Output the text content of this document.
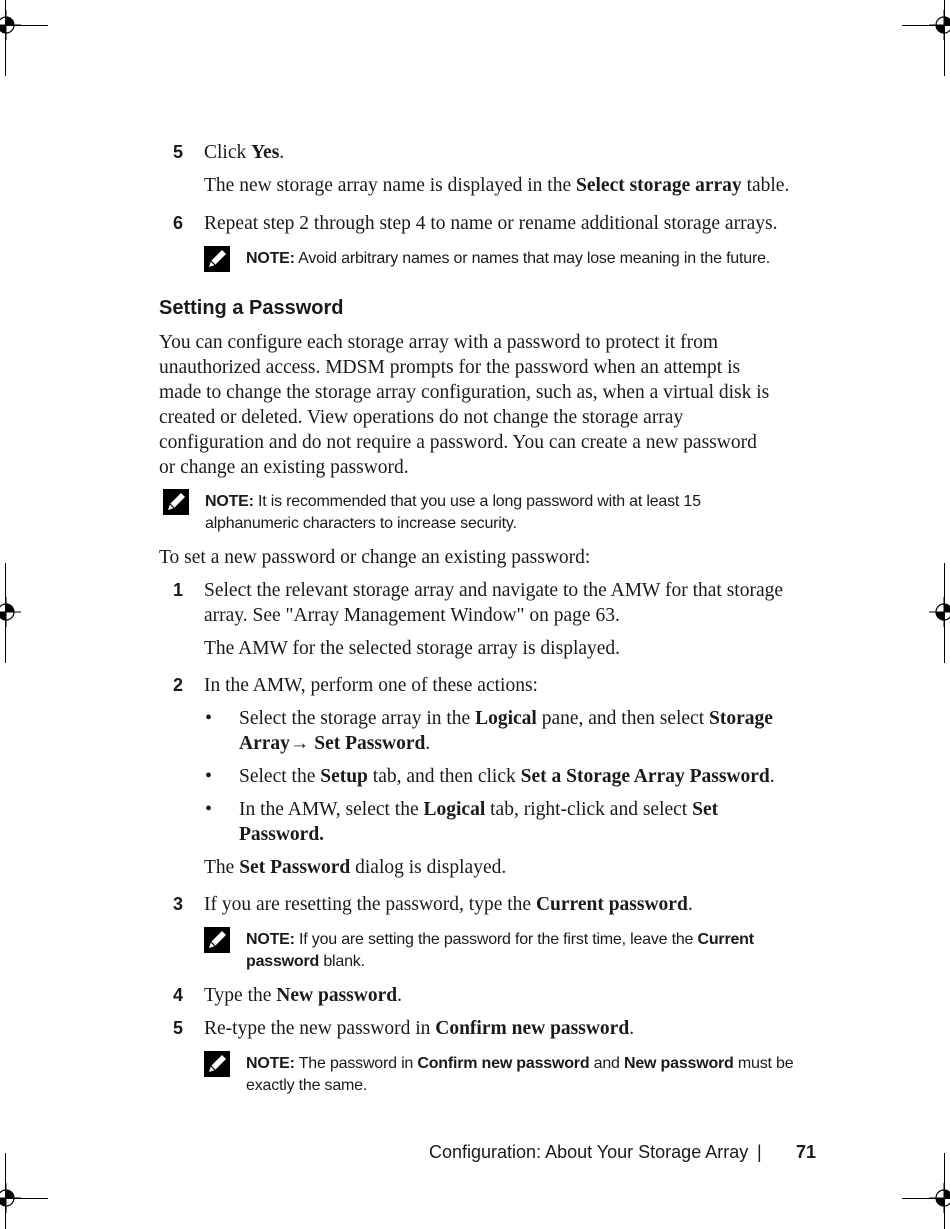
5 Click Yes.
The new storage array name is displayed in the Select storage array table.
6 Repeat step 2 through step 4 to name or rename additional storage arrays.
NOTE: Avoid arbitrary names or names that may lose meaning in the future.
Setting a Password
You can configure each storage array with a password to protect it from
unauthorized access. MDSM prompts for the password when an attempt is
made to change the storage array configuration, such as, when a virtual disk is
created or deleted. View operations do not change the storage array
configuration and do not require a password. You can create a new password
or change an existing password.
NOTE: It is recommended that you use a long password with at least 15
alphanumeric characters to increase security.
To set a new password or change an existing password:
1 Select the relevant storage array and navigate to the AMW for that storage
array. See "Array Management Window" on page 63.
The AMW for the selected storage array is displayed.
2 In the AMW, perform one of these actions:
• Select the storage array in the Logical pane, and then select Storage
Array→ Set Password.
• Select the Setup tab, and then click Set a Storage Array Password.
• In the AMW, select the Logical tab, right-click and select Set
Password.
The Set Password dialog is displayed.
3 If you are resetting the password, type the Current password.
NOTE: If you are setting the password for the first time, leave the Current
password blank.
4 Type the New password.
5 Re-type the new password in Confirm new password.
NOTE: The password in Confirm new password and New password must be
exactly the same.
Configuration: About Your Storage Array | 71
